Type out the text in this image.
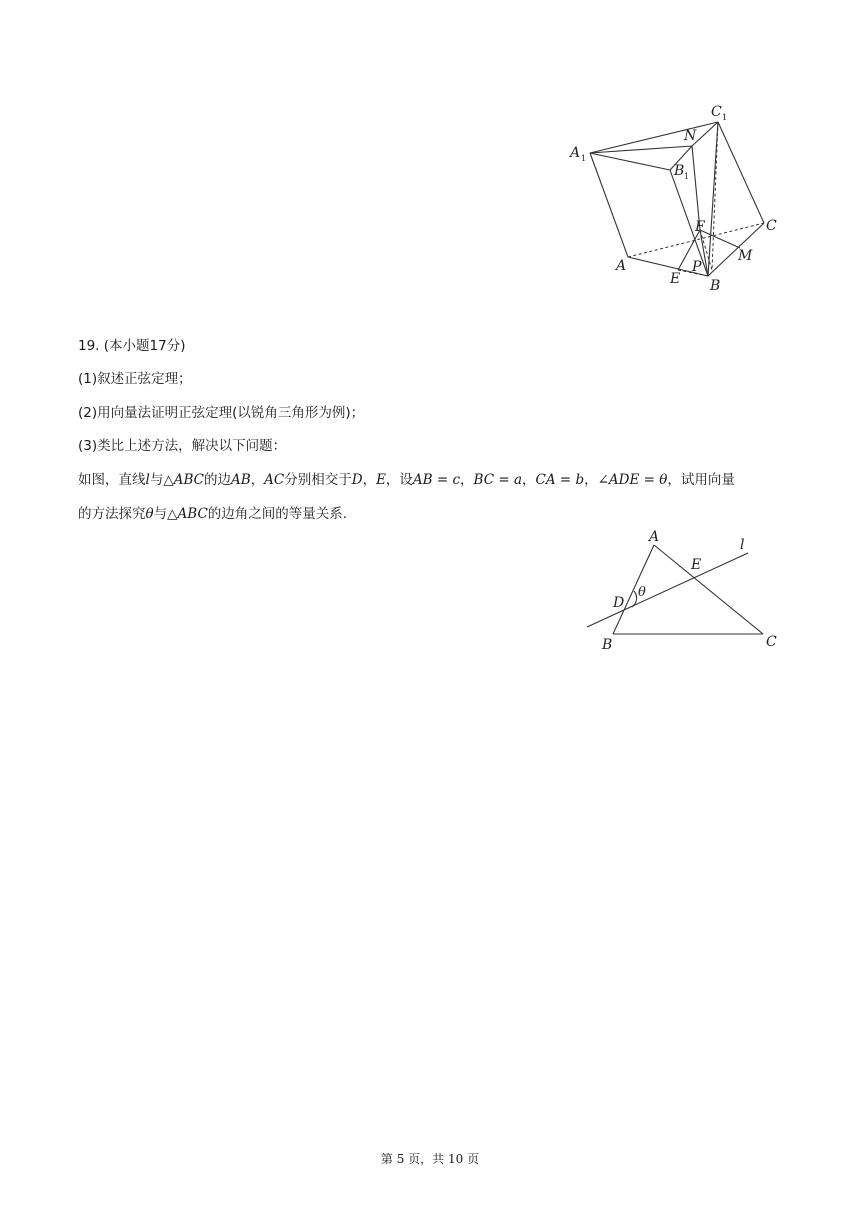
A 1
C 1
N
B 1
F	C
A	P
M
E B
19. (本小题17分)
(1)叙述正弦定理；
(2)用向量法证明正弦定理(以锐角三角形为例)；
(3)类比上述方法，解决以下问题：
如图，直线l与△ABC的边AB，AC分别相交于D，E，设AB = c，BC = a，CA = b，∠ADE = θ，试用向量
的方法探究θ与△ABC的边角之间的等量关系.
A
E
l
D
θ
B	C
第 5 页，共 10 页
